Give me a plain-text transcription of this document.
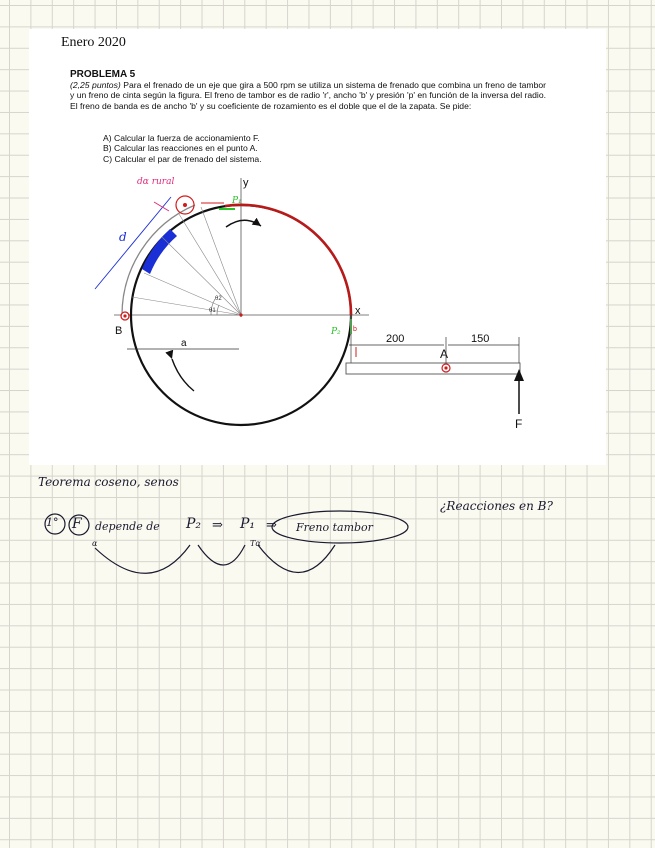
Enero 2020
PROBLEMA 5
(2,25 puntos) Para el frenado de un eje que gira a 500 rpm se utiliza un sistema de frenado que combina un freno de tambor y un freno de cinta según la figura. El freno de tambor es de radio 'r', ancho 'b' y presión 'p' en función de la inversa del radio. El freno de banda es de ancho 'b' y su coeficiente de rozamiento es el doble que el de la zapata. Se pide:
A) Calcular la fuerza de accionamiento F.
B) Calcular las reacciones en el punto A.
C) Calcular el par de frenado del sistema.
θ2
θ1
B
a
d
y
x
dα rural
P₁
P₂ b
A
200	150
F
Teorema coseno, senos
¿Reacciones en B?
1° F depende de P₂ ⇒ P₁ ⇒ Freno tambor
α	Tα
